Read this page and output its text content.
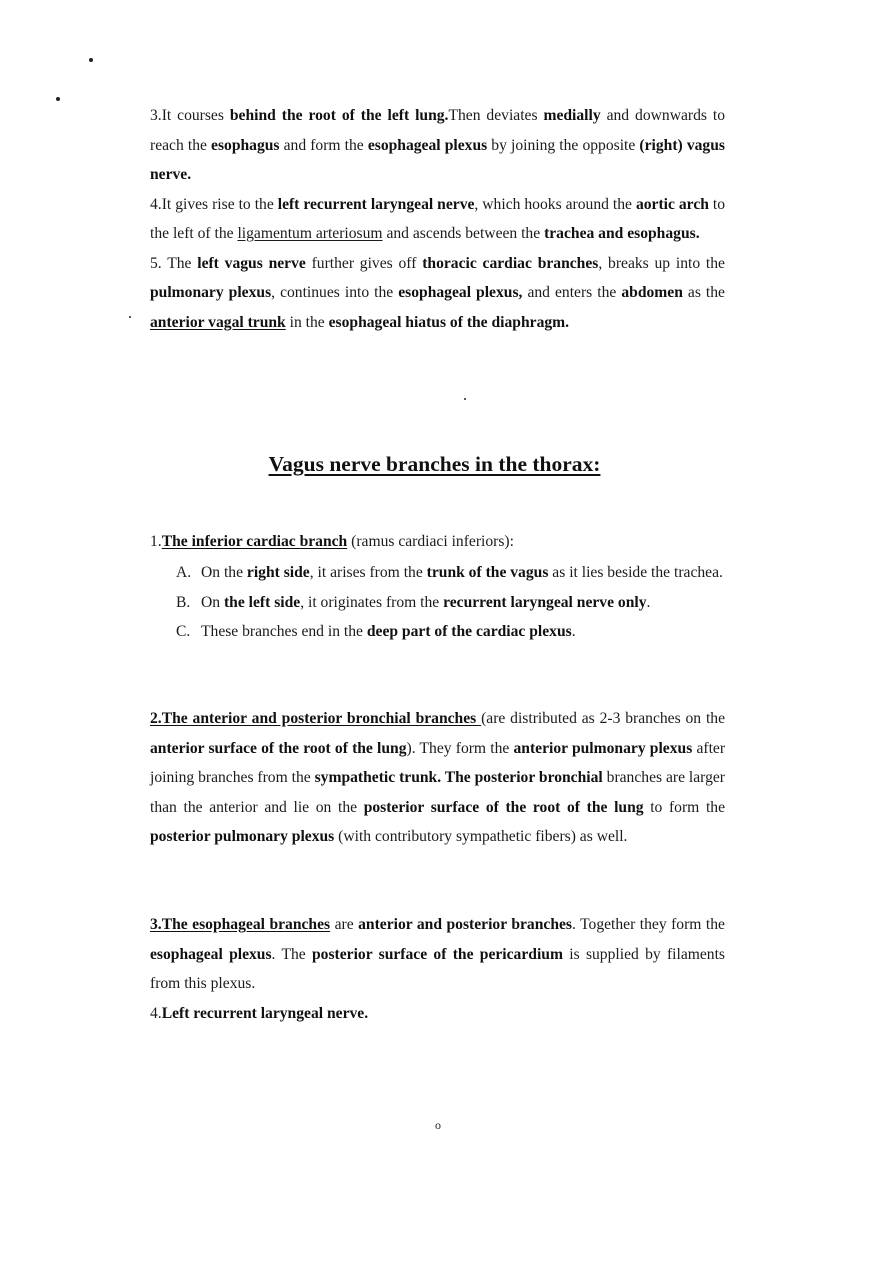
3.It courses behind the root of the left lung.Then deviates medially and downwards to reach the esophagus and form the esophageal plexus by joining the opposite (right) vagus nerve.

4.It gives rise to the left recurrent laryngeal nerve, which hooks around the aortic arch to the left of the ligamentum arteriosum and ascends between the trachea and esophagus.

5. The left vagus nerve further gives off thoracic cardiac branches, breaks up into the pulmonary plexus, continues into the esophageal plexus, and enters the abdomen as the anterior vagal trunk in the esophageal hiatus of the diaphragm.

Vagus nerve branches in the thorax:

1.The inferior cardiac branch (ramus cardiaci inferiors):

A. On the right side, it arises from the trunk of the vagus as it lies beside the trachea.
B. On the left side, it originates from the recurrent laryngeal nerve only.
C. These branches end in the deep part of the cardiac plexus.

2.The anterior and posterior bronchial branches (are distributed as 2-3 branches on the anterior surface of the root of the lung). They form the anterior pulmonary plexus after joining branches from the sympathetic trunk. The posterior bronchial branches are larger than the anterior and lie on the posterior surface of the root of the lung to form the posterior pulmonary plexus (with contributory sympathetic fibers) as well.

3.The esophageal branches are anterior and posterior branches. Together they form the esophageal plexus. The posterior surface of the pericardium is supplied by filaments from this plexus.

4.Left recurrent laryngeal nerve.

o
